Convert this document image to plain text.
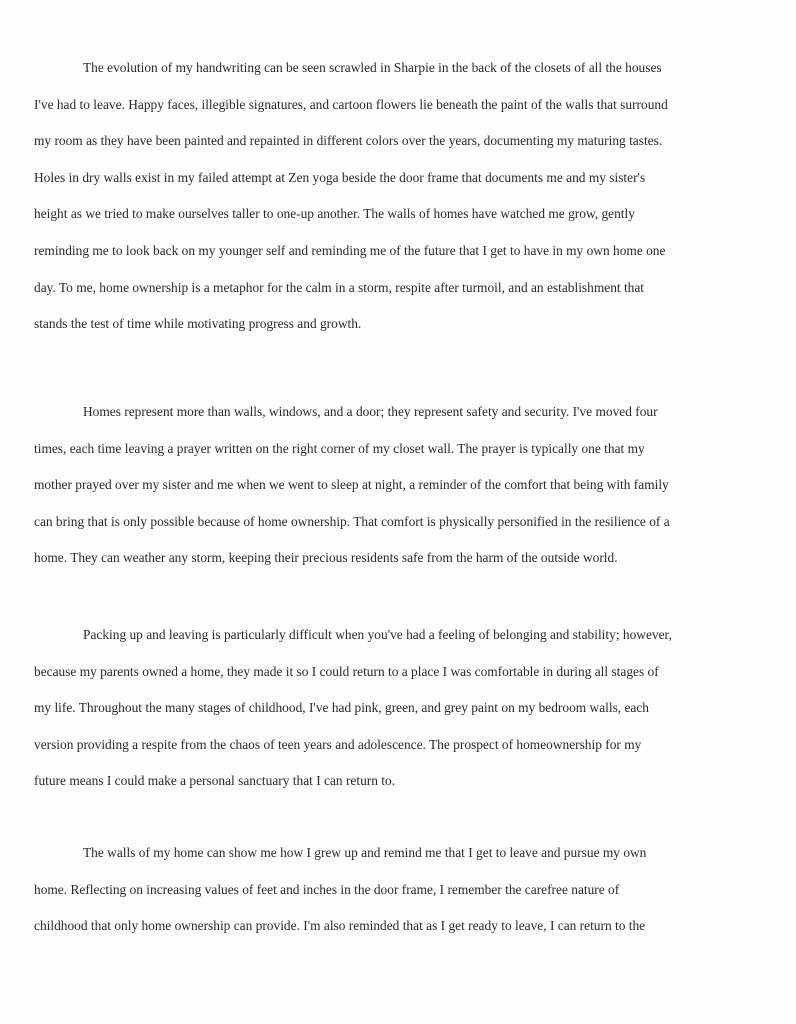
The evolution of my handwriting can be seen scrawled in Sharpie in the back of the closets of all the houses
I've had to leave. Happy faces, illegible signatures, and cartoon flowers lie beneath the paint of the walls that surround
my room as they have been painted and repainted in different colors over the years, documenting my maturing tastes.
Holes in dry walls exist in my failed attempt at Zen yoga beside the door frame that documents me and my sister's
height as we tried to make ourselves taller to one-up another. The walls of homes have watched me grow, gently
reminding me to look back on my younger self and reminding me of the future that I get to have in my own home one
day. To me, home ownership is a metaphor for the calm in a storm, respite after turmoil, and an establishment that
stands the test of time while motivating progress and growth.
Homes represent more than walls, windows, and a door; they represent safety and security. I've moved four
times, each time leaving a prayer written on the right corner of my closet wall. The prayer is typically one that my
mother prayed over my sister and me when we went to sleep at night, a reminder of the comfort that being with family
can bring that is only possible because of home ownership. That comfort is physically personified in the resilience of a
home. They can weather any storm, keeping their precious residents safe from the harm of the outside world.
Packing up and leaving is particularly difficult when you've had a feeling of belonging and stability; however,
because my parents owned a home, they made it so I could return to a place I was comfortable in during all stages of
my life. Throughout the many stages of childhood, I've had pink, green, and grey paint on my bedroom walls, each
version providing a respite from the chaos of teen years and adolescence. The prospect of homeownership for my
future means I could make a personal sanctuary that I can return to.
The walls of my home can show me how I grew up and remind me that I get to leave and pursue my own
home. Reflecting on increasing values of feet and inches in the door frame, I remember the carefree nature of
childhood that only home ownership can provide. I'm also reminded that as I get ready to leave, I can return to the
